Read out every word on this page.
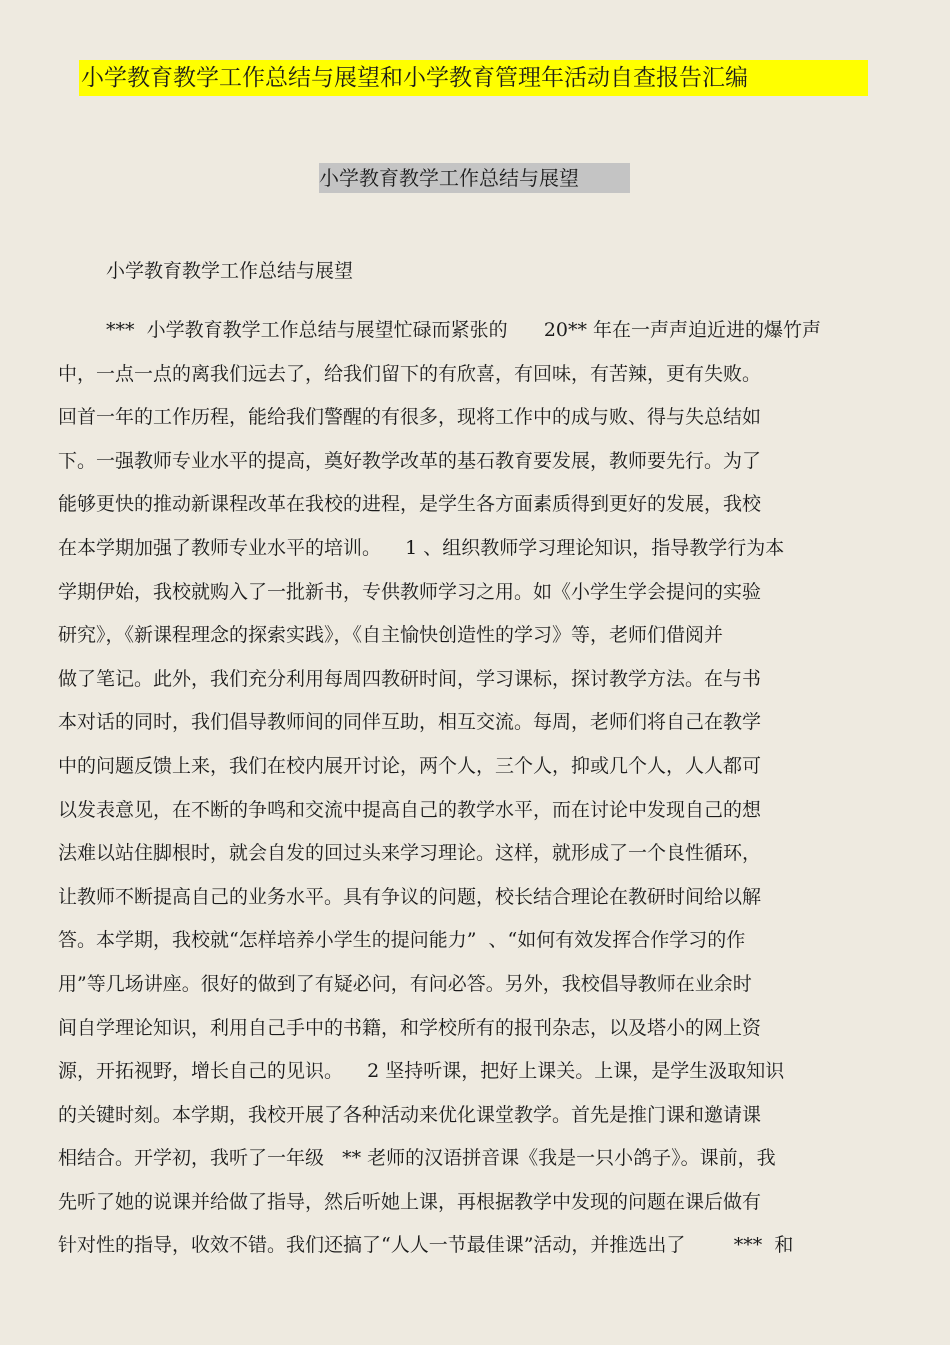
小学教育教学工作总结与展望和小学教育管理年活动自查报告汇编
小学教育教学工作总结与展望
小学教育教学工作总结与展望
***  小学教育教学工作总结与展望忙碌而紧张的      20** 年在一声声迫近进的爆竹声
中，一点一点的离我们远去了，给我们留下的有欣喜，有回味，有苦辣，更有失败。
回首一年的工作历程，能给我们警醒的有很多，现将工作中的成与败、得与失总结如
下。一强教师专业水平的提高，奠好教学改革的基石教育要发展，教师要先行。为了
能够更快的推动新课程改革在我校的进程，是学生各方面素质得到更好的发展，我校
在本学期加强了教师专业水平的培训。    1 、组织教师学习理论知识，指导教学行为本
学期伊始，我校就购入了一批新书，专供教师学习之用。如《小学生学会提问的实验
研究》，《新课程理念的探索实践》，《自主愉快创造性的学习》等，老师们借阅并
做了笔记。此外，我们充分利用每周四教研时间，学习课标，探讨教学方法。在与书
本对话的同时，我们倡导教师间的同伴互助，相互交流。每周，老师们将自己在教学
中的问题反馈上来，我们在校内展开讨论，两个人，三个人，抑或几个人，人人都可
以发表意见，在不断的争鸣和交流中提高自己的教学水平，而在讨论中发现自己的想
法难以站住脚根时，就会自发的回过头来学习理论。这样，就形成了一个良性循环，
让教师不断提高自己的业务水平。具有争议的问题，校长结合理论在教研时间给以解
答。本学期，我校就“怎样培养小学生的提问能力”  、“如何有效发挥合作学习的作
用”等几场讲座。很好的做到了有疑必问，有问必答。另外，我校倡导教师在业余时
间自学理论知识，利用自己手中的书籍，和学校所有的报刊杂志，以及塔小的网上资
源，开拓视野，增长自己的见识。    2 坚持听课，把好上课关。上课，是学生汲取知识
的关键时刻。本学期，我校开展了各种活动来优化课堂教学。首先是推门课和邀请课
相结合。开学初，我听了一年级   ** 老师的汉语拼音课《我是一只小鸽子》。课前，我
先听了她的说课并给做了指导，然后听她上课，再根据教学中发现的问题在课后做有
针对性的指导，收效不错。我们还搞了“人人一节最佳课”活动，并推选出了        ***  和
